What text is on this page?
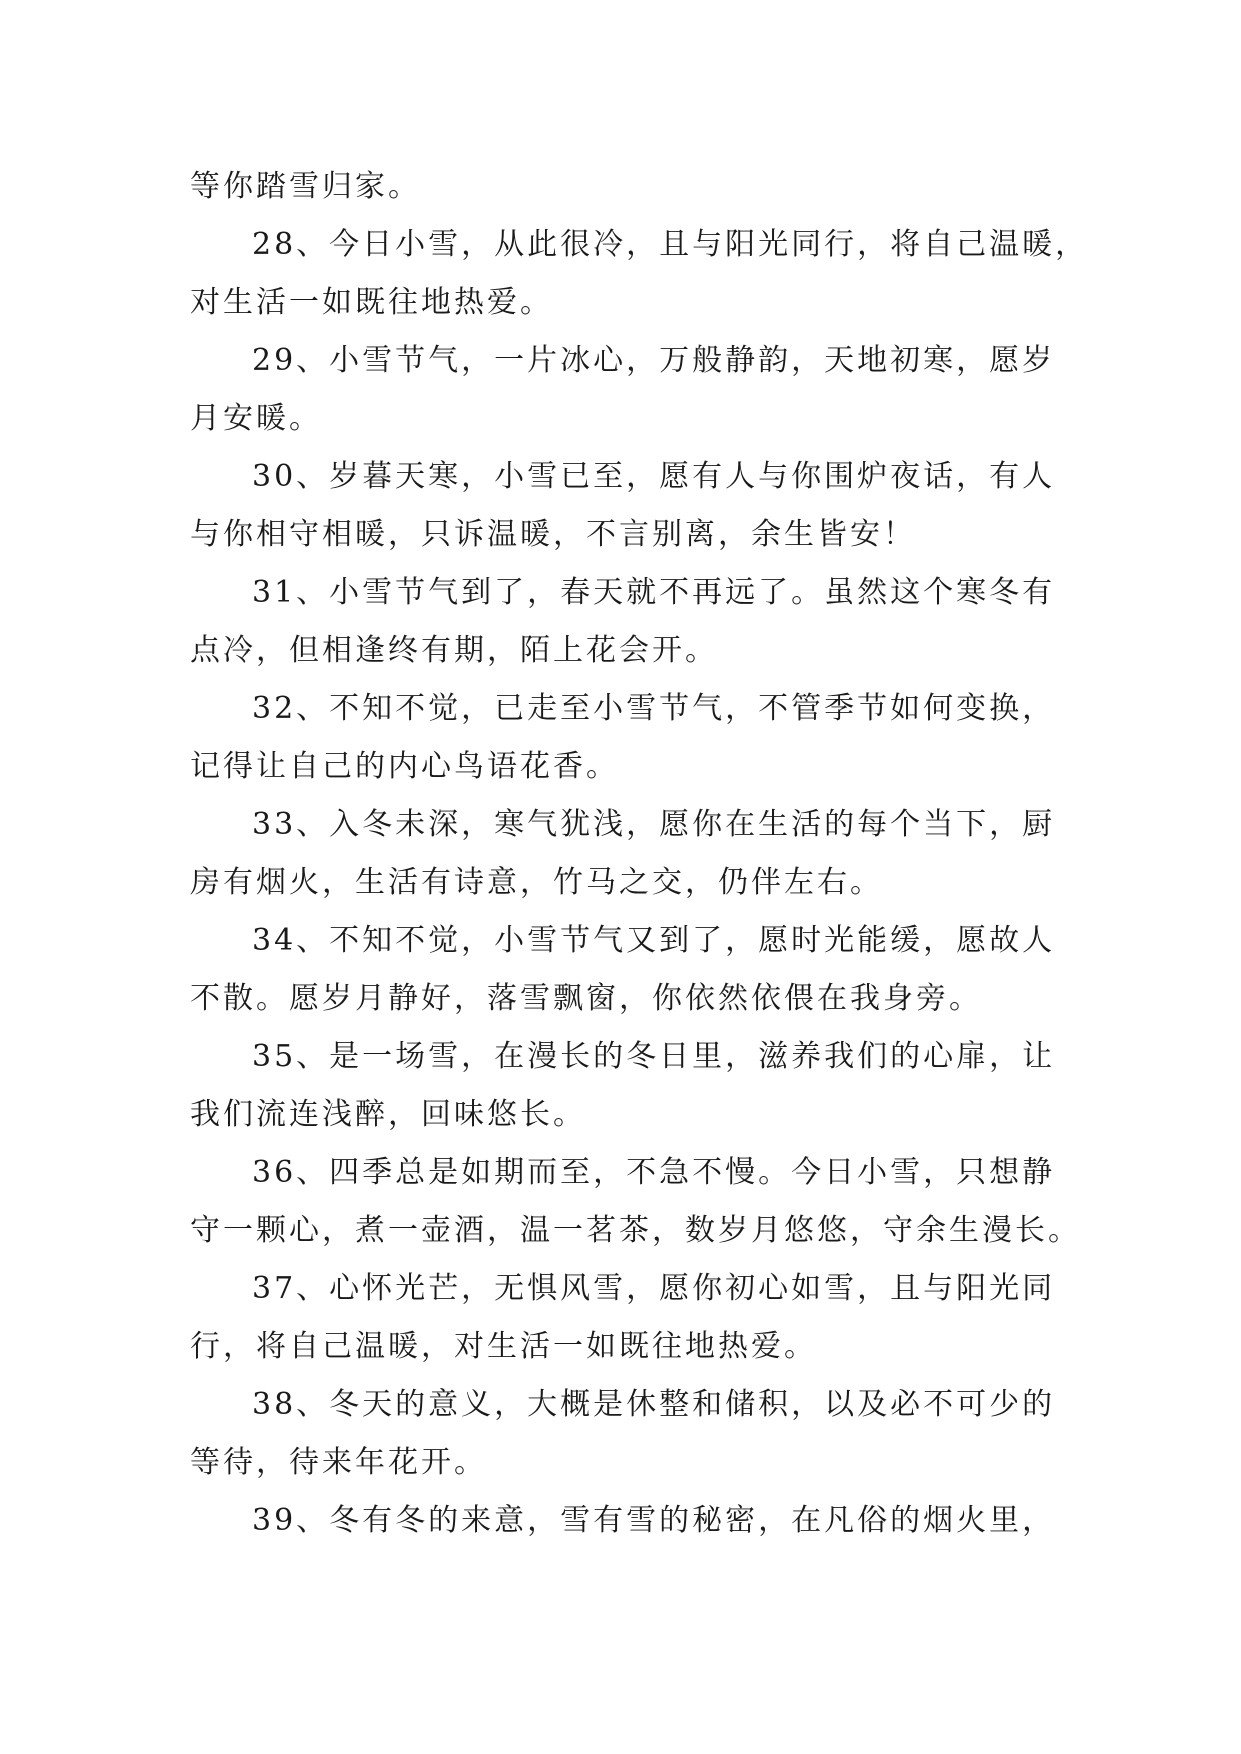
等你踏雪归家。
28、今日小雪，从此很冷，且与阳光同行，将自己温暖，
对生活一如既往地热爱。
29、小雪节气，一片冰心，万般静韵，天地初寒，愿岁
月安暖。
30、岁暮天寒，小雪已至，愿有人与你围炉夜话，有人
与你相守相暖，只诉温暖，不言别离，余生皆安！
31、小雪节气到了，春天就不再远了。虽然这个寒冬有
点冷，但相逢终有期，陌上花会开。
32、不知不觉，已走至小雪节气，不管季节如何变换，
记得让自己的内心鸟语花香。
33、入冬未深，寒气犹浅，愿你在生活的每个当下，厨
房有烟火，生活有诗意，竹马之交，仍伴左右。
34、不知不觉，小雪节气又到了，愿时光能缓，愿故人
不散。愿岁月静好，落雪飘窗，你依然依偎在我身旁。
35、是一场雪，在漫长的冬日里，滋养我们的心扉，让
我们流连浅醉，回味悠长。
36、四季总是如期而至，不急不慢。今日小雪，只想静
守一颗心，煮一壶酒，温一茗茶，数岁月悠悠，守余生漫长。
37、心怀光芒，无惧风雪，愿你初心如雪，且与阳光同
行，将自己温暖，对生活一如既往地热爱。
38、冬天的意义，大概是休整和储积，以及必不可少的
等待，待来年花开。
39、冬有冬的来意，雪有雪的秘密，在凡俗的烟火里，
